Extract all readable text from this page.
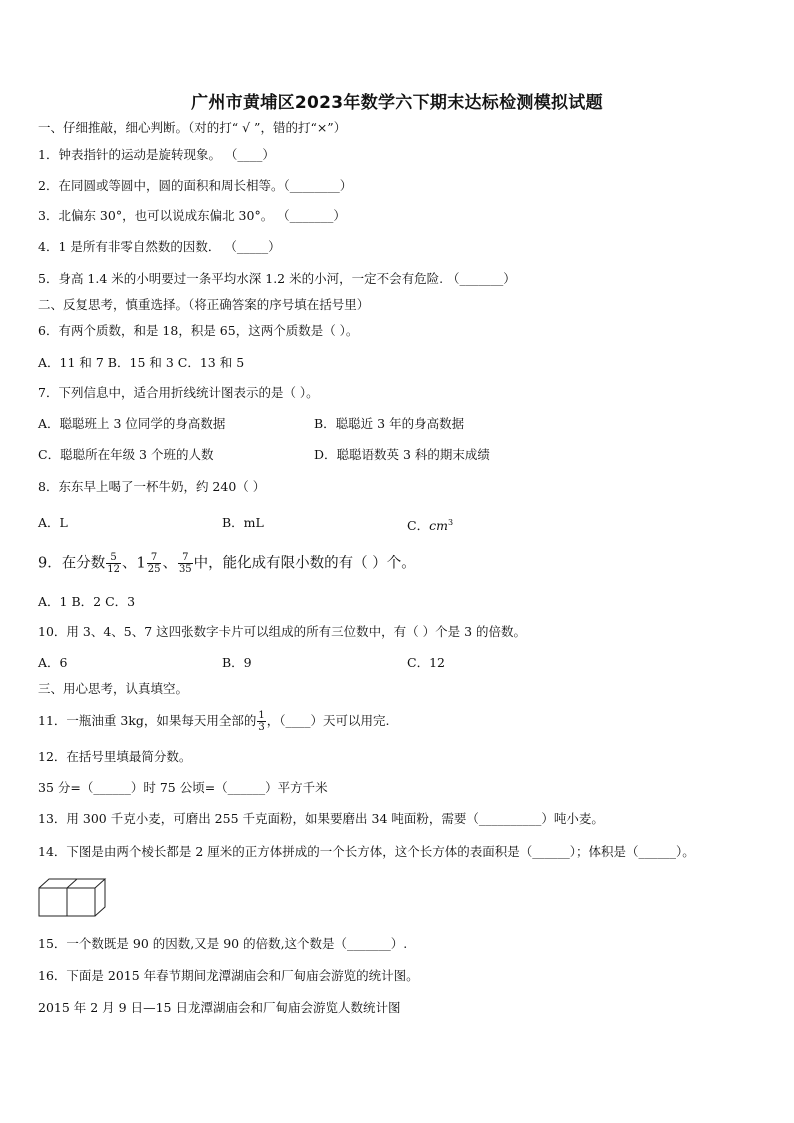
广州市黄埔区2023年数学六下期末达标检测模拟试题
一、仔细推敲，细心判断。（对的打“ √ ”，错的打“×”）
1．钟表指针的运动是旋转现象。 （____）
2．在同圆或等圆中，圆的面积和周长相等。（________）
3．北偏东 30°，也可以说成东偏北 30°。 （_______）
4．1 是所有非零自然数的因数． （_____）
5．身高 1.4 米的小明要过一条平均水深 1.2 米的小河，一定不会有危险. （_______）
二、反复思考，慎重选择。（将正确答案的序号填在括号里）
6．有两个质数，和是 18，积是 65，这两个质数是（ ）。
A．11 和 7 B．15 和 3 C．13 和 5
7．下列信息中，适合用折线统计图表示的是（ ）。
A．聪聪班上 3 位同学的身高数据	B．聪聪近 3 年的身高数据
C．聪聪所在年级 3 个班的人数	D．聪聪语数英 3 科的期末成绩
8．东东早上喝了一杯牛奶，约 240（ ）
A．L	B．mL	C．$cm^3$
9．在分数 $\frac{5}{12}$ 、$1 \frac{7}{25}$ 、 $\frac{7}{35}$ 中，能化成有限小数的有（ ）个。
A．1 B．2 C．3
10．用 3、4、5、7 这四张数字卡片可以组成的所有三位数中，有（ ）个是 3 的倍数。
A．6	B．9	C．12
三、用心思考，认真填空。
11．一瓶油重 3kg，如果每天用全部的 $\frac{1}{3}$ ，（____）天可以用完.
12．在括号里填最简分数。
35 分=（______）时 75 公顷=（______）平方千米
13．用 300 千克小麦，可磨出 255 千克面粉，如果要磨出 34 吨面粉，需要（__________）吨小麦。
14．下图是由两个棱长都是 2 厘米的正方体拼成的一个长方体，这个长方体的表面积是（______）；体积是（______）。
15．一个数既是 90 的因数,又是 90 的倍数,这个数是（_______）.
16．下面是 2015 年春节期间龙潭湖庙会和厂甸庙会游览的统计图。
2015 年 2 月 9 日—15 日龙潭湖庙会和厂甸庙会游览人数统计图
